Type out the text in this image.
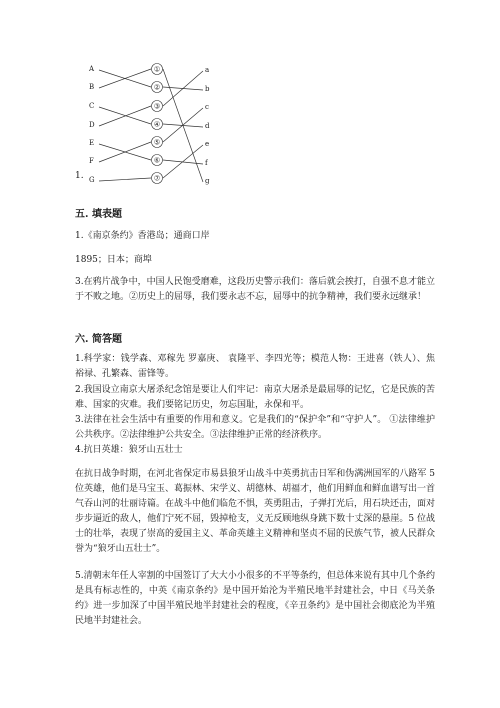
①
②
③
④
⑤
⑥
⑦
1.

五. 填表题

1.《南京条约》香港岛；通商口岸

1895；日本；商埠

3.在鸦片战争中，中国人民饱受磨难，这段历史警示我们：落后就会挨打，自强不息才能立于不败之地。②历史上的屈辱，我们要永志不忘，屈辱中的抗争精神，我们要永远继承！

六. 简答题

1.科学家：钱学森、邓稼先 罗嘉庚、 袁隆平、李四光等；模范人物：王进喜（铁人）、焦裕禄、孔繁森、雷锋等。

2.我国设立南京大屠杀纪念馆是要让人们牢记：南京大屠杀是最屈辱的记忆，它是民族的苦难、国家的灾难。我们要铭记历史，勿忘国耻，永保和平。

3.法律在社会生活中有重要的作用和意义。它是我们的“保护伞”和“守护人”。 ①法律维护公共秩序。②法律维护公共安全。③法律维护正常的经济秩序。

4.抗日英雄：狼牙山五壮士

在抗日战争时期，在河北省保定市易县狼牙山战斗中英勇抗击日军和伪满洲国军的八路军 5 位英雄，他们是马宝玉、葛振林、宋学义、胡德林、胡福才，他们用鲜血和鲜血谱写出一首气吞山河的壮丽诗篇。在战斗中他们临危不惧，英勇阻击，子弹打光后，用石块还击，面对步步逼近的敌人，他们宁死不屈，毁掉枪支，义无反顾地纵身跳下数十丈深的悬崖。5 位战士的壮举，表现了崇高的爱国主义、革命英雄主义精神和坚贞不屈的民族气节，被人民群众誉为“狼牙山五壮士”。

5.清朝末年任人宰割的中国签订了大大小小很多的不平等条约，但总体来说有其中几个条约是具有标志性的，中英《南京条约》是中国开始沦为半殖民地半封建社会，中日《马关条约》进一步加深了中国半殖民地半封建社会的程度，《辛丑条约》是中国社会彻底沦为半殖民地半封建社会。

A
B
C
D
E
F
G
a
b
c
d
e
f
g
